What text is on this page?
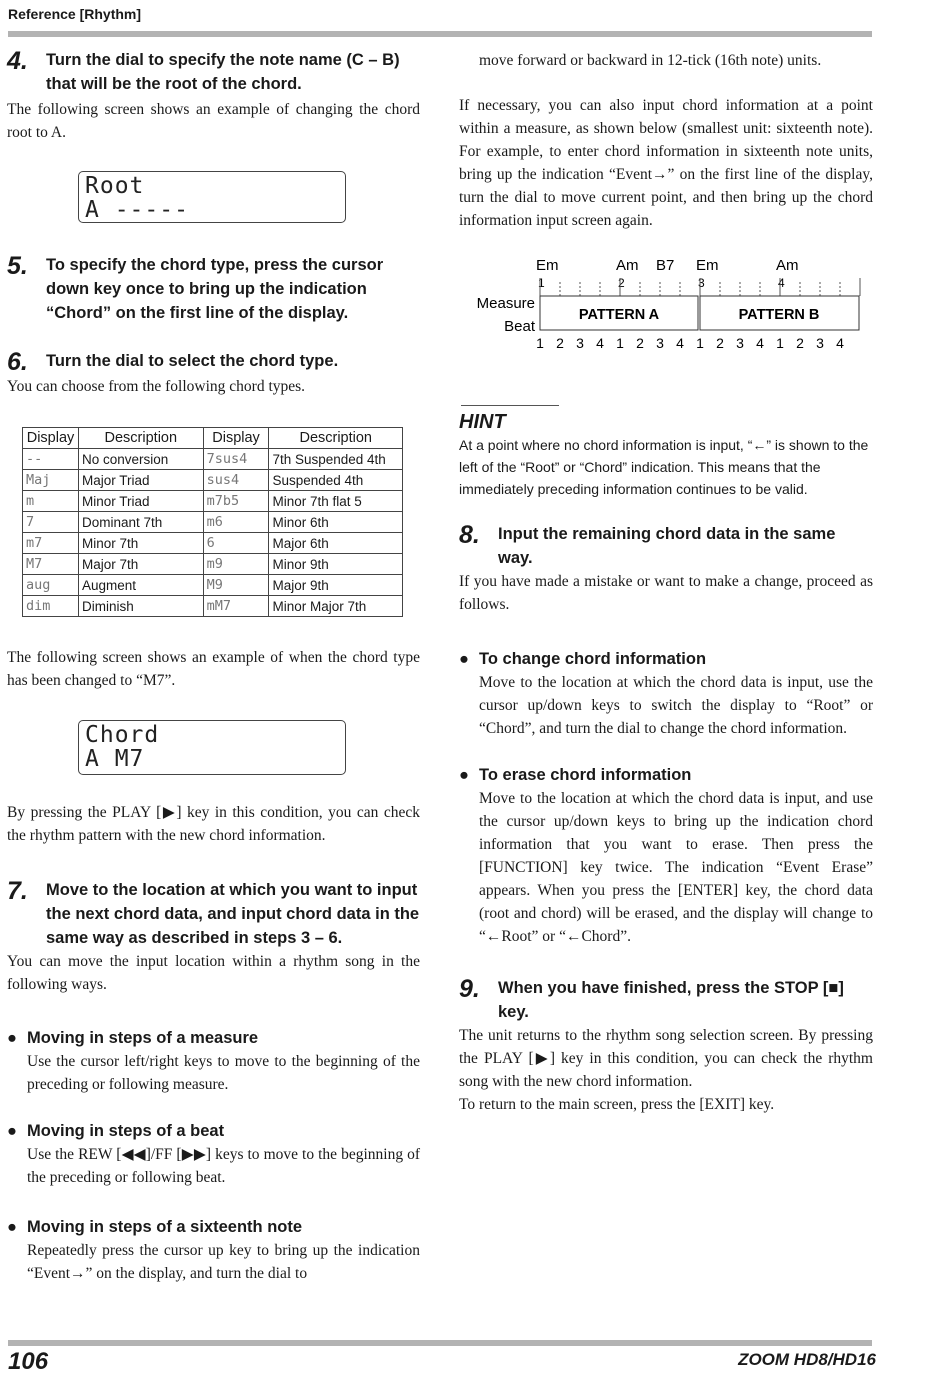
Reference [Rhythm]
4.	Turn the dial to specify the note name (C – B) that will be the root of the chord.

The following screen shows an example of changing the chord root to A.

Root
A -----
5.	To specify the chord type, press the cursor down key once to bring up the indication “Chord” on the first line of the display.
6.	Turn the dial to select the chord type.

You can choose from the following chord types.

Display	Description	Display	Description
--	No conversion	7sus4	7th Suspended 4th
Maj	Major Triad	sus4	Suspended 4th
m	Minor Triad	m7b5	Minor 7th flat 5
7	Dominant 7th	m6	Minor 6th
m7	Minor 7th	6	Major 6th
M7	Major 7th	m9	Minor 9th
aug	Augment	M9	Major 9th
dim	Diminish	mM7	Minor Major 7th

The following screen shows an example of when the chord type has been changed to “M7”.

Chord
A M7

By pressing the PLAY [▶] key in this condition, you can check the rhythm pattern with the new chord information.

7.	Move to the location at which you want to input the next chord data, and input chord data in the same way as described in steps 3 – 6.

You can move the input location within a rhythm song in the following ways.

● Moving in steps of a measure

Use the cursor left/right keys to move to the beginning of the preceding or following measure.

● Moving in steps of a beat

Use the REW [◀◀]/FF [▶▶] keys to move to the beginning of the preceding or following beat.

● Moving in steps of a sixteenth note

Repeatedly press the cursor up key to bring up the indication “Event→” on the display, and turn the dial to

move forward or backward in 12-tick (16th note) units.

If necessary, you can also input chord information at a point within a measure, as shown below (smallest unit: sixteenth note). For example, to enter chord information in sixteenth note units, bring up the indication “Event→” on the first line of the display, turn the dial to move current point, and then bring up the chord information input screen again.

Em	Am B7 Em	Am
1	2	3	4
Measure
Beat
PATTERN A	PATTERN B
1 2 3 4 1 2 3 4 1 2 3 4 1 2 3 4
HINT

At a point where no chord information is input, “←” is shown to the left of the “Root” or “Chord” indication. This means that the immediately preceding information continues to be valid.

8.	Input the remaining chord data in the same way.

If you have made a mistake or want to make a change, proceed as follows.

● To change chord information

Move to the location at which the chord data is input, use the cursor up/down keys to switch the display to “Root” or “Chord”, and turn the dial to change the chord information.

● To erase chord information

Move to the location at which the chord data is input, and use the cursor up/down keys to bring up the indication chord information that you want to erase. Then press the [FUNCTION] key twice. The indication “Event Erase” appears. When you press the [ENTER] key, the chord data (root and chord) will be erased, and the display will change to “←Root” or “←Chord”.

9.	When you have finished, press the STOP [■] key.

The unit returns to the rhythm song selection screen. By pressing the PLAY [▶] key in this condition, you can check the rhythm song with the new chord information.

To return to the main screen, press the [EXIT] key.

106	ZOOM HD8/HD16
